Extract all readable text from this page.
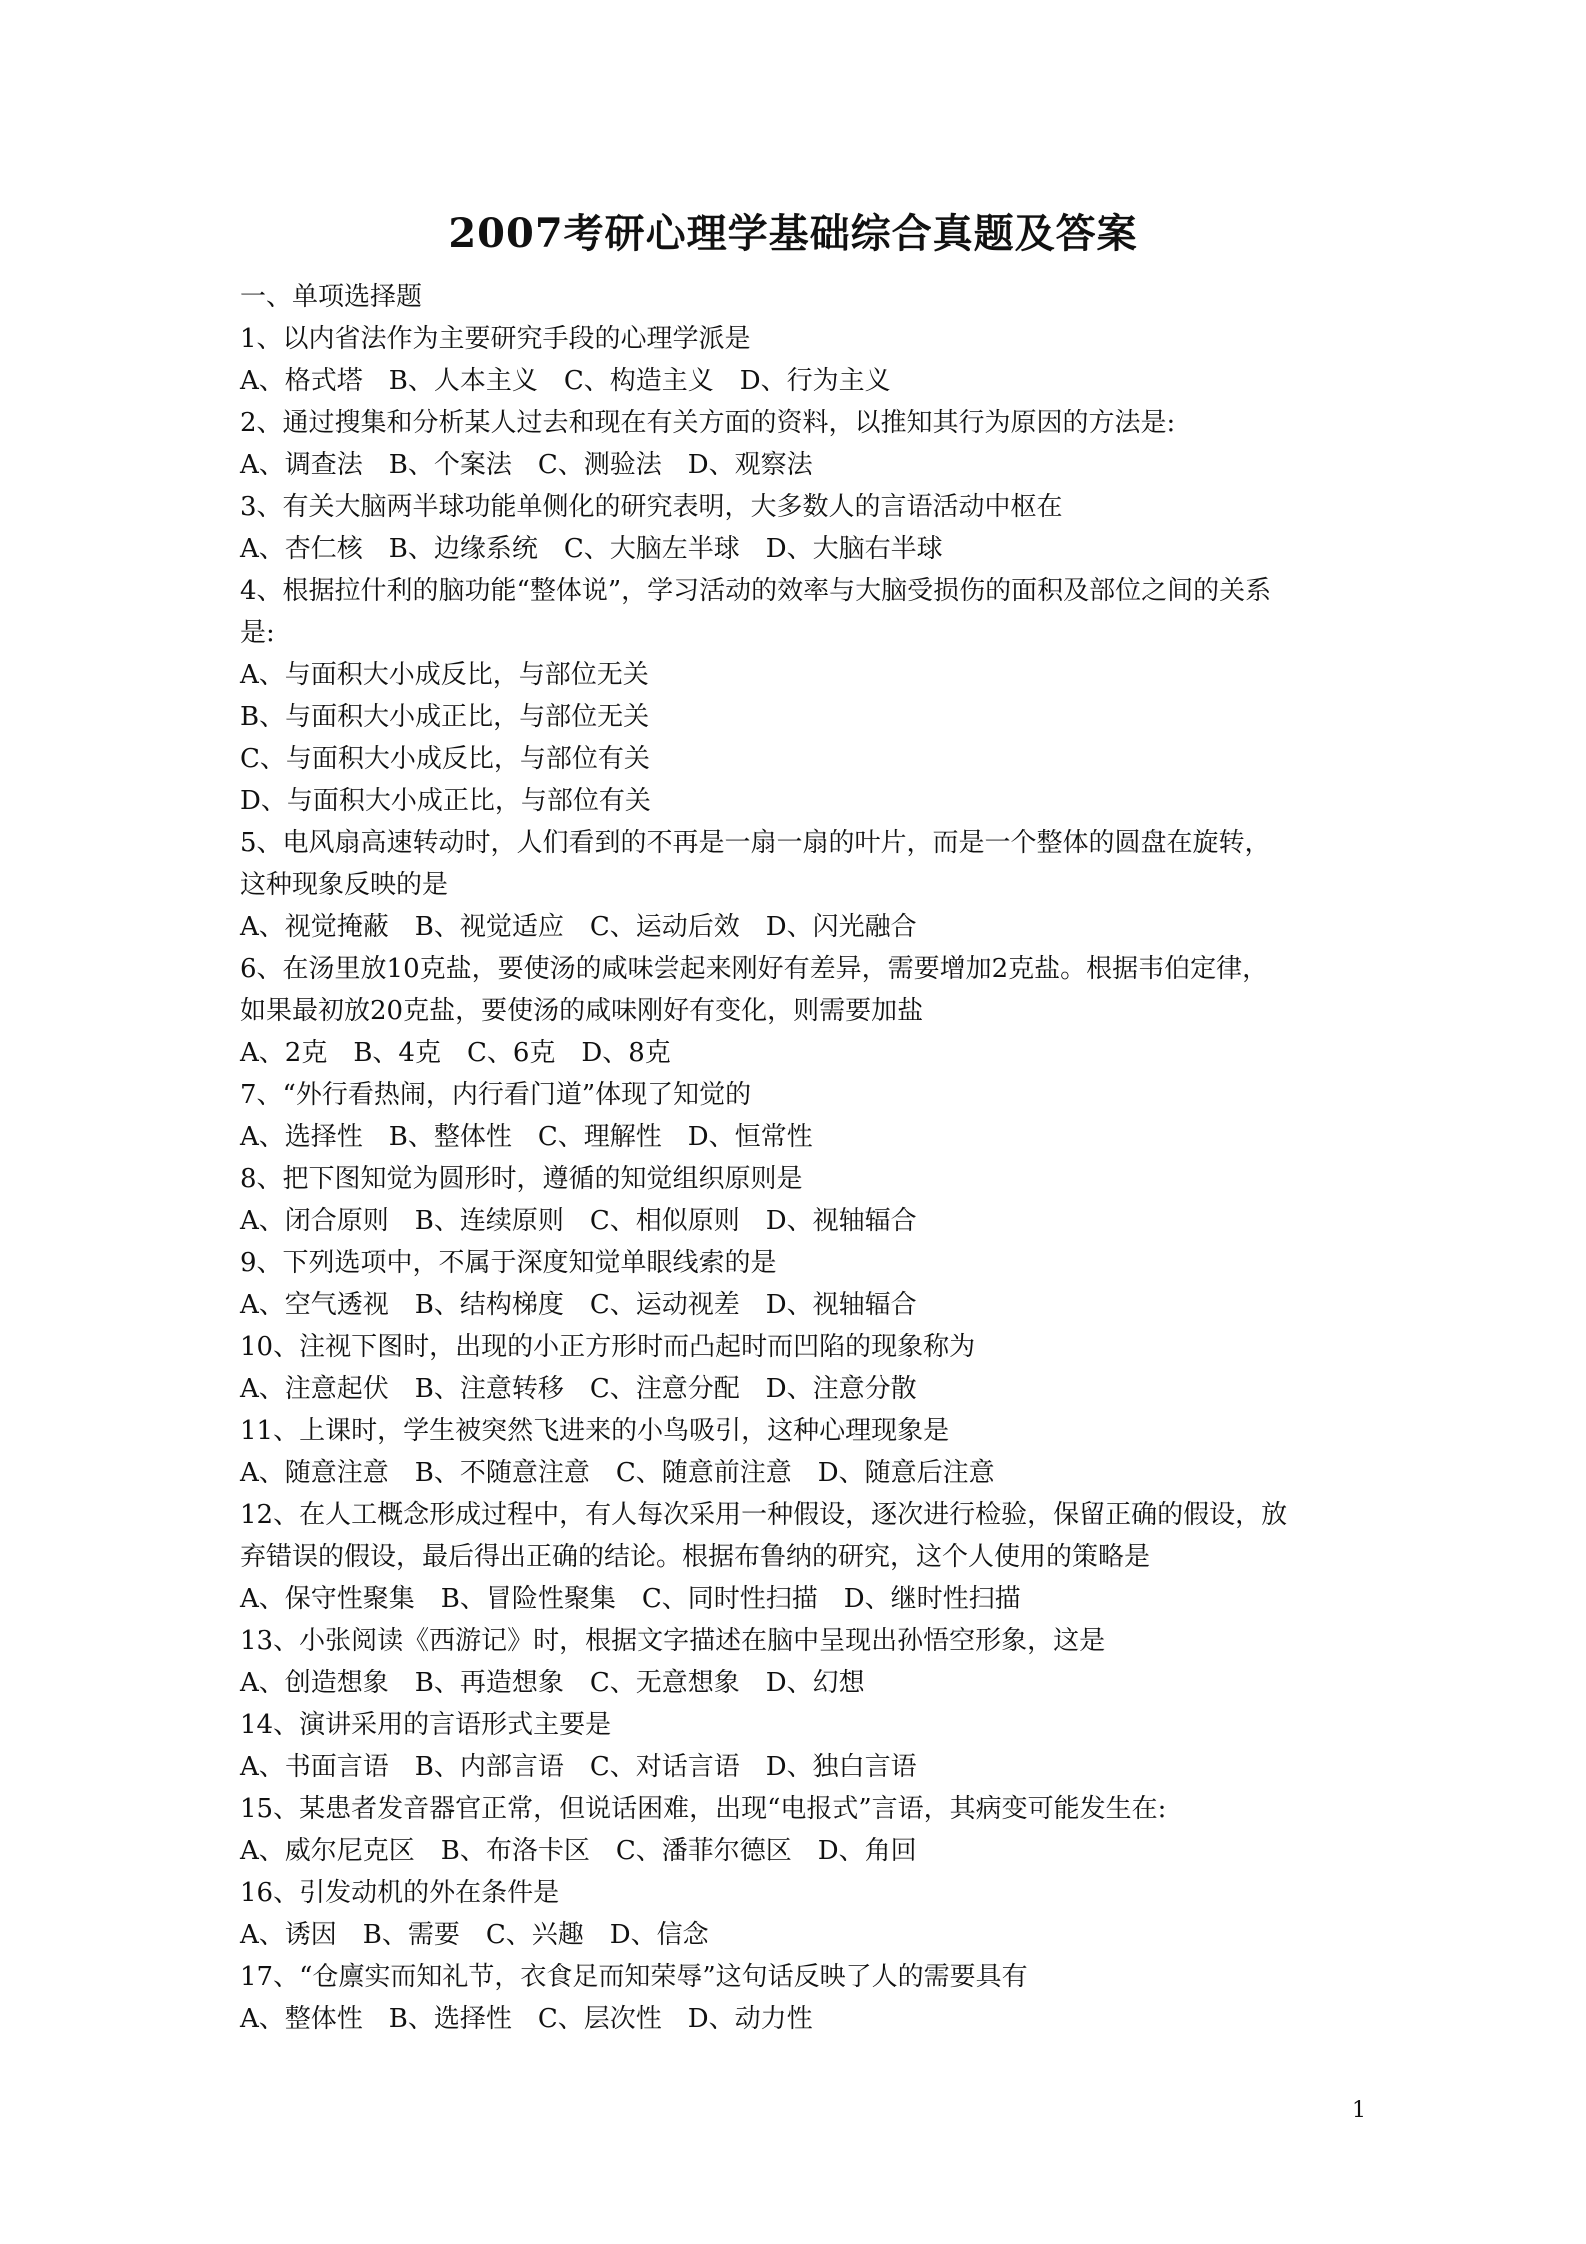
2007考研心理学基础综合真题及答案
一、单项选择题
1、以内省法作为主要研究手段的心理学派是
A、格式塔　B、人本主义　C、构造主义　D、行为主义
2、通过搜集和分析某人过去和现在有关方面的资料，以推知其行为原因的方法是:
A、调查法　B、个案法　C、测验法　D、观察法
3、有关大脑两半球功能单侧化的研究表明，大多数人的言语活动中枢在
A、杏仁核　B、边缘系统　C、大脑左半球　D、大脑右半球
4、根据拉什利的脑功能“整体说”，学习活动的效率与大脑受损伤的面积及部位之间的关系
是:
A、与面积大小成反比，与部位无关
B、与面积大小成正比，与部位无关
C、与面积大小成反比，与部位有关
D、与面积大小成正比，与部位有关
5、电风扇高速转动时，人们看到的不再是一扇一扇的叶片，而是一个整体的圆盘在旋转，
这种现象反映的是
A、视觉掩蔽　B、视觉适应　C、运动后效　D、闪光融合
6、在汤里放10克盐，要使汤的咸味尝起来刚好有差异，需要增加2克盐。根据韦伯定律，
如果最初放20克盐，要使汤的咸味刚好有变化，则需要加盐
A、2克　B、4克　C、6克　D、8克
7、“外行看热闹，内行看门道”体现了知觉的
A、选择性　B、整体性　C、理解性　D、恒常性
8、把下图知觉为圆形时，遵循的知觉组织原则是
A、闭合原则　B、连续原则　C、相似原则　D、视轴辐合
9、下列选项中，不属于深度知觉单眼线索的是
A、空气透视　B、结构梯度　C、运动视差　D、视轴辐合
10、注视下图时，出现的小正方形时而凸起时而凹陷的现象称为
A、注意起伏　B、注意转移　C、注意分配　D、注意分散
11、上课时，学生被突然飞进来的小鸟吸引，这种心理现象是
A、随意注意　B、不随意注意　C、随意前注意　D、随意后注意
12、在人工概念形成过程中，有人每次采用一种假设，逐次进行检验，保留正确的假设，放
弃错误的假设，最后得出正确的结论。根据布鲁纳的研究，这个人使用的策略是
A、保守性聚集　B、冒险性聚集　C、同时性扫描　D、继时性扫描
13、小张阅读《西游记》时，根据文字描述在脑中呈现出孙悟空形象，这是
A、创造想象　B、再造想象　C、无意想象　D、幻想
14、演讲采用的言语形式主要是
A、书面言语　B、内部言语　C、对话言语　D、独白言语
15、某患者发音器官正常，但说话困难，出现“电报式”言语，其病变可能发生在:
A、威尔尼克区　B、布洛卡区　C、潘菲尔德区　D、角回
16、引发动机的外在条件是
A、诱因　B、需要　C、兴趣　D、信念
17、“仓廪实而知礼节，衣食足而知荣辱”这句话反映了人的需要具有
A、整体性　B、选择性　C、层次性　D、动力性
1
